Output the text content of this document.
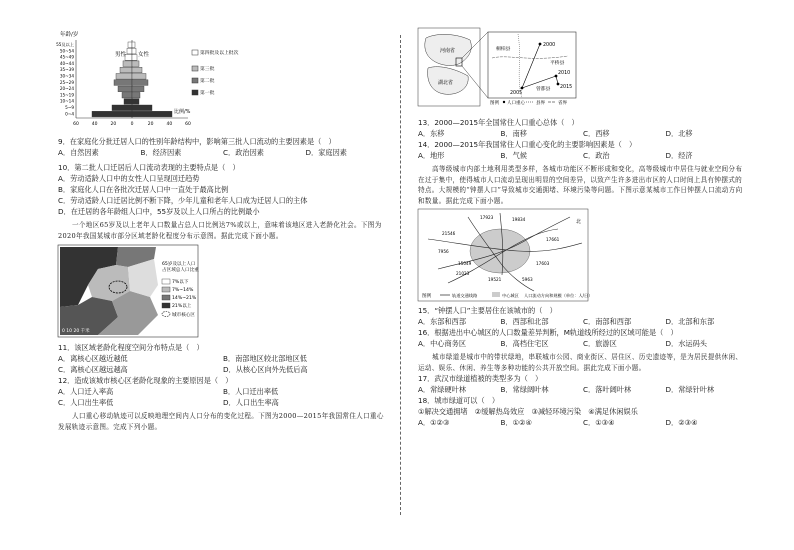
年龄/岁
55及以上
50~54
45~49
40~44
35~39
30~34
25~29
20~24
15~19
10~14
5~9
0~4
60	40	20	0	20	40	60
比例/%
男性 女性	第四批及以上批次
第三批
第二批
第一批
9．在家庭化分批迁居人口的性别年龄结构中，影响第三批人口流动的主要因素是（　）
A．自然因素	B．经济因素	C．政治因素	D．家庭因素
10．第二批人口迁居后人口流动表现的主要特点是（　）
A．劳动适龄人口中的女性人口呈现回迁趋势
B．家庭化人口在各批次迁居人口中一直处于最高比例
C．劳动适龄人口迁居比例不断下降，少年儿童和老年人口成为迁居人口的主体
D．在迁居的各年龄组人口中，55岁及以上人口所占的比例最小
一个地区65岁及以上老年人口数量占总人口比例达7%或以上，意味着该地区进入老龄化社会。下图为2020年我国某城市部分区域老龄化程度分布示意图。据此完成下面小题。
65岁及以上人口占区域总人口比重
7%以下
7%~14%
14%~21%
21%以上
城市核心区
0 10 20 千米
11．该区域老龄化程度空间分布特点是（　）
A．离核心区越近越低	B．南部地区较北部地区低
C．离核心区越远越高	D．从核心区向外先低后高
12．造成该城市核心区老龄化现象的主要原因是（　）
A．人口迁入率高	B．人口迁出率低
C．人口出生率低	D．人口出生率高
人口重心移动轨迹可以反映地理空间内人口分布的变化过程。下图为2000—2015年我国常住人口重心发展轨迹示意图。完成下列小题。
河南省
湖北省
桐柏县
平桥县
曾都县
2000
2005
2010
2015
图例 人口重心 县界	省界
13．2000—2015年全国常住人口重心总体（　）
A．东移	B．南移	C．西移	D．北移
14．2000—2015年我国常住人口重心变化的主要影响因素是（　）
A．地形	B．气候	C．政治	D．经济
高等级城市内部土地利用类型多样，各城市功能区不断形成和变化，高等级城市中居住与就业空间分布在过于集中，使得城市人口流动呈现出明显的空间差异，以致产生许多进出市区的人口时间上具有钟摆式的特点。大规模的“钟摆人口”导致城市交通拥堵、环境污染等问题。下图示意某城市工作日钟摆人口流动方向和数量。据此完成下面小题。
17923	19834
21546
17661
7956
15049	17603
21023
19521	5963
北
图例	轨道交通线路	中心城区 人口流动方向和规模（单位：人/日）
15．“钟摆人口”主要居住在该城市的（　）
A．东部和西部	B．西部和北部	C．南部和西部	D．北部和东部
16．根据进出中心城区的人口数量差异判断，M轨道线所经过的区域可能是（　）
A．中心商务区	B．高档住宅区	C．旅游区	D．水运码头
城市绿道是城市中的带状绿地，串联城市公园、商业街区、居住区、历史遗迹等，是为居民提供休闲、运动、娱乐、休闲、养生等多种功能的公共开放空间。据此完成下面小题。
17．武汉市绿道植被的类型多为（　）
A．常绿硬叶林	B．常绿阔叶林	C．落叶阔叶林	D．常绿针叶林
18．城市绿道可以（　）
①解决交通拥堵　②缓解热岛效应　③减轻环境污染　④满足休闲娱乐
A．①②③	B．①②④	C．①③④	D．②③④
